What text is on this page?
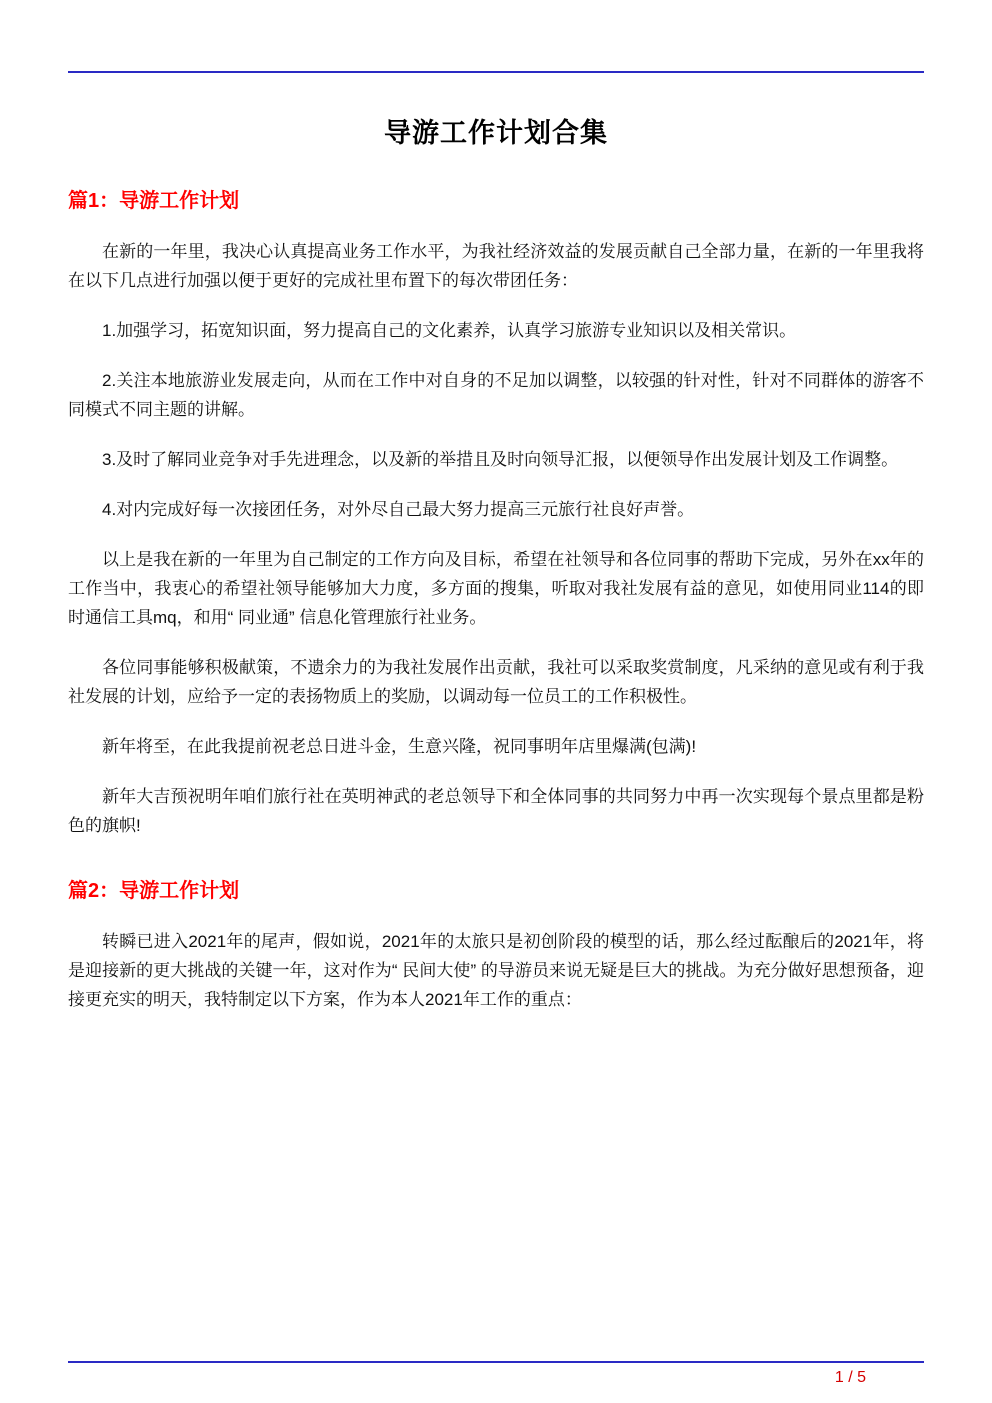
导游工作计划合集
篇1：导游工作计划

在新的一年里，我决心认真提高业务工作水平，为我社经济效益的发展贡献自己全部力量，在新的一年里我将在以下几点进行加强以便于更好的完成社里布置下的每次带团任务：

1.加强学习，拓宽知识面，努力提高自己的文化素养，认真学习旅游专业知识以及相关常识。

2.关注本地旅游业发展走向，从而在工作中对自身的不足加以调整，以较强的针对性，针对不同群体的游客不同模式不同主题的讲解。

3.及时了解同业竞争对手先进理念，以及新的举措且及时向领导汇报，以便领导作出发展计划及工作调整。

4.对内完成好每一次接团任务，对外尽自己最大努力提高三元旅行社良好声誉。

以上是我在新的一年里为自己制定的工作方向及目标，希望在社领导和各位同事的帮助下完成，另外在xx年的工作当中，我衷心的希望社领导能够加大力度，多方面的搜集，听取对我社发展有益的意见，如使用同业114的即时通信工具mq，和用“ 同业通” 信息化管理旅行社业务。

各位同事能够积极献策，不遗余力的为我社发展作出贡献，我社可以采取奖赏制度，凡采纳的意见或有利于我社发展的计划，应给予一定的表扬物质上的奖励，以调动每一位员工的工作积极性。

新年将至，在此我提前祝老总日进斗金，生意兴隆，祝同事明年店里爆满(包满)!

新年大吉预祝明年咱们旅行社在英明神武的老总领导下和全体同事的共同努力中再一次实现每个景点里都是粉色的旗帜!

篇2：导游工作计划

转瞬已进入2021年的尾声，假如说，2021年的太旅只是初创阶段的模型的话，那么经过酝酿后的2021年，将是迎接新的更大挑战的关键一年，这对作为“ 民间大使” 的导游员来说无疑是巨大的挑战。为充分做好思想预备，迎接更充实的明天，我特制定以下方案，作为本人2021年工作的重点：

1 / 5
